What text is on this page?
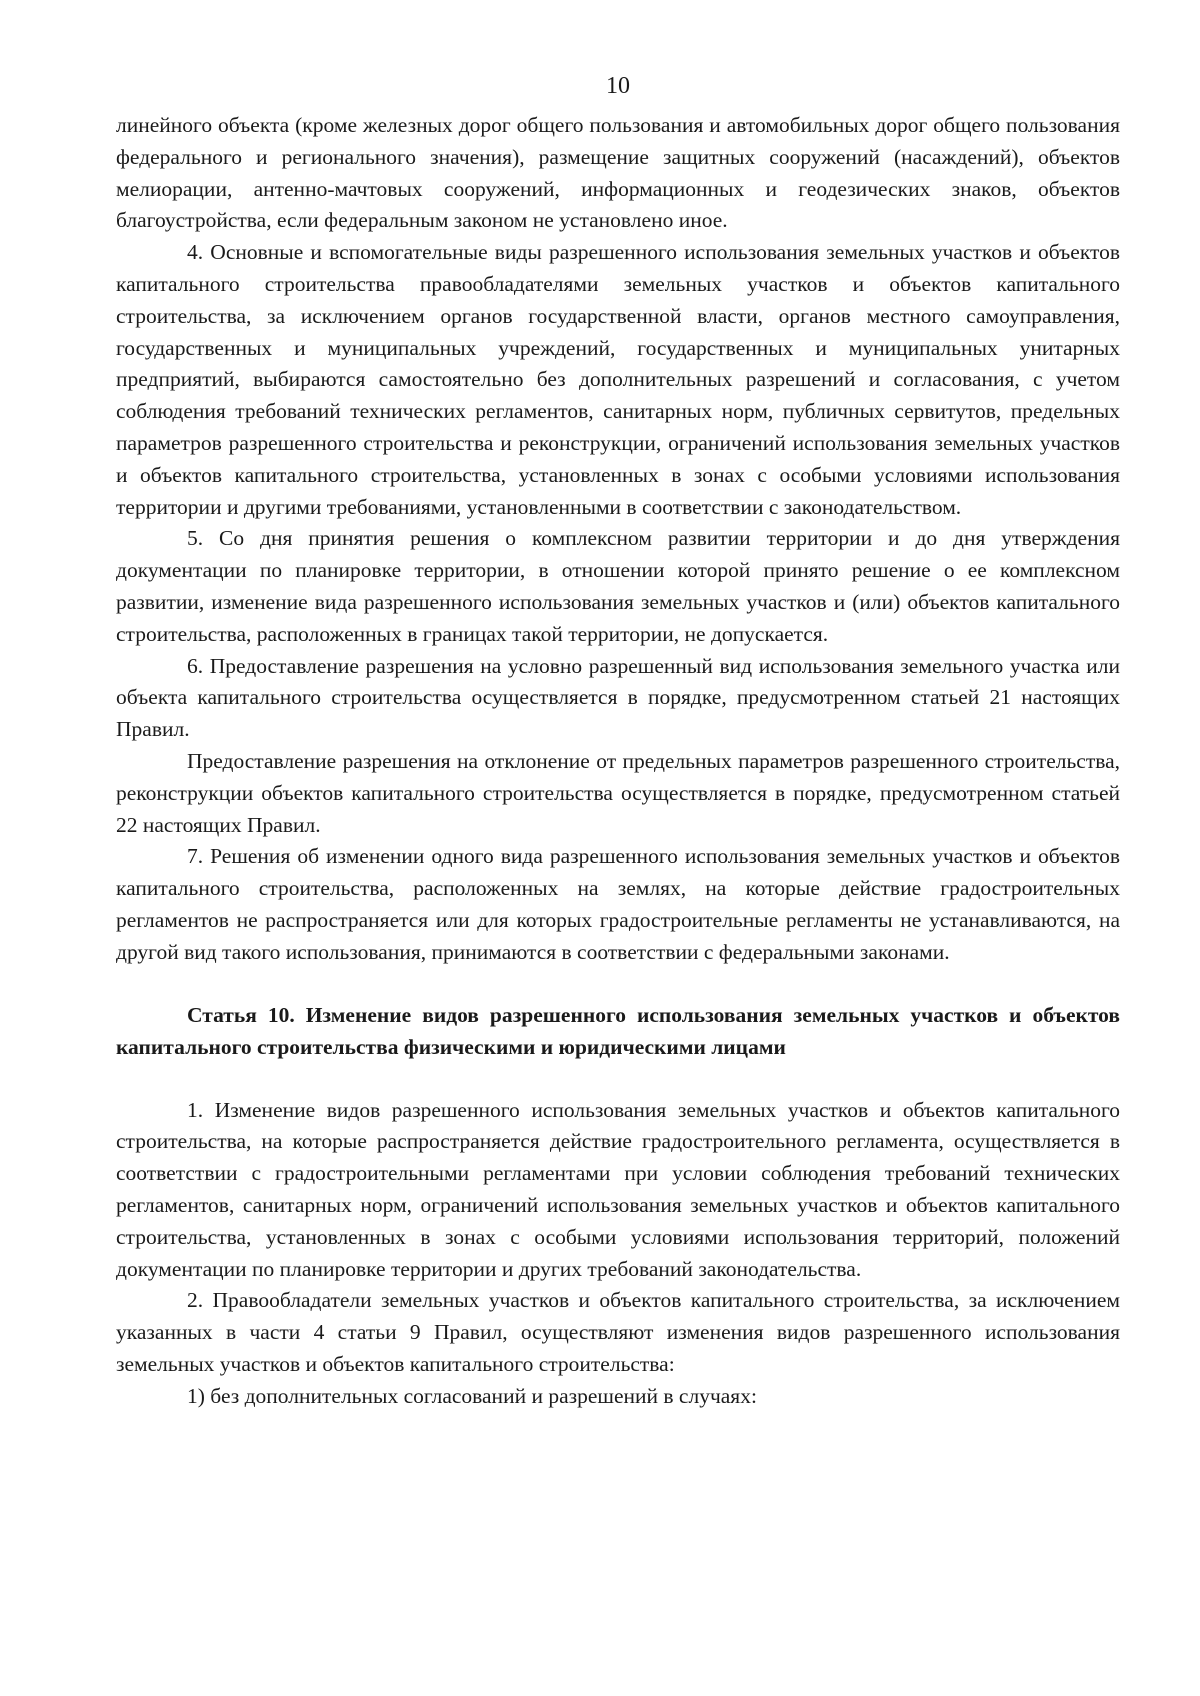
10

линейного объекта (кроме железных дорог общего пользования и автомобильных дорог общего пользования федерального и регионального значения), размещение защитных сооружений (насаждений), объектов мелиорации, антенно-мачтовых сооружений, информационных и геодезических знаков, объектов благоустройства, если федеральным законом не установлено иное.

4. Основные и вспомогательные виды разрешенного использования земельных участков и объектов капитального строительства правообладателями земельных участков и объектов капитального строительства, за исключением органов государственной власти, органов местного самоуправления, государственных и муниципальных учреждений, государственных и муниципальных унитарных предприятий, выбираются самостоятельно без дополнительных разрешений и согласования, с учетом соблюдения требований технических регламентов, санитарных норм, публичных сервитутов, предельных параметров разрешенного строительства и реконструкции, ограничений использования земельных участков и объектов капитального строительства, установленных в зонах с особыми условиями использования территории и другими требованиями, установленными в соответствии с законодательством.

5. Со дня принятия решения о комплексном развитии территории и до дня утверждения документации по планировке территории, в отношении которой принято решение о ее комплексном развитии, изменение вида разрешенного использования земельных участков и (или) объектов капитального строительства, расположенных в границах такой территории, не допускается.

6. Предоставление разрешения на условно разрешенный вид использования земельного участка или объекта капитального строительства осуществляется в порядке, предусмотренном статьей 21 настоящих Правил.

Предоставление разрешения на отклонение от предельных параметров разрешенного строительства, реконструкции объектов капитального строительства осуществляется в порядке, предусмотренном статьей 22 настоящих Правил.

7. Решения об изменении одного вида разрешенного использования земельных участков и объектов капитального строительства, расположенных на землях, на которые действие градостроительных регламентов не распространяется или для которых градостроительные регламенты не устанавливаются, на другой вид такого использования, принимаются в соответствии с федеральными законами.

Статья 10. Изменение видов разрешенного использования земельных участков и объектов капитального строительства физическими и юридическими лицами

1. Изменение видов разрешенного использования земельных участков и объектов капитального строительства, на которые распространяется действие градостроительного регламента, осуществляется в соответствии с градостроительными регламентами при условии соблюдения требований технических регламентов, санитарных норм, ограничений использования земельных участков и объектов капитального строительства, установленных в зонах с особыми условиями использования территорий, положений документации по планировке территории и других требований законодательства.

2. Правообладатели земельных участков и объектов капитального строительства, за исключением указанных в части 4 статьи 9 Правил, осуществляют изменения видов разрешенного использования земельных участков и объектов капитального строительства:

1) без дополнительных согласований и разрешений в случаях:
